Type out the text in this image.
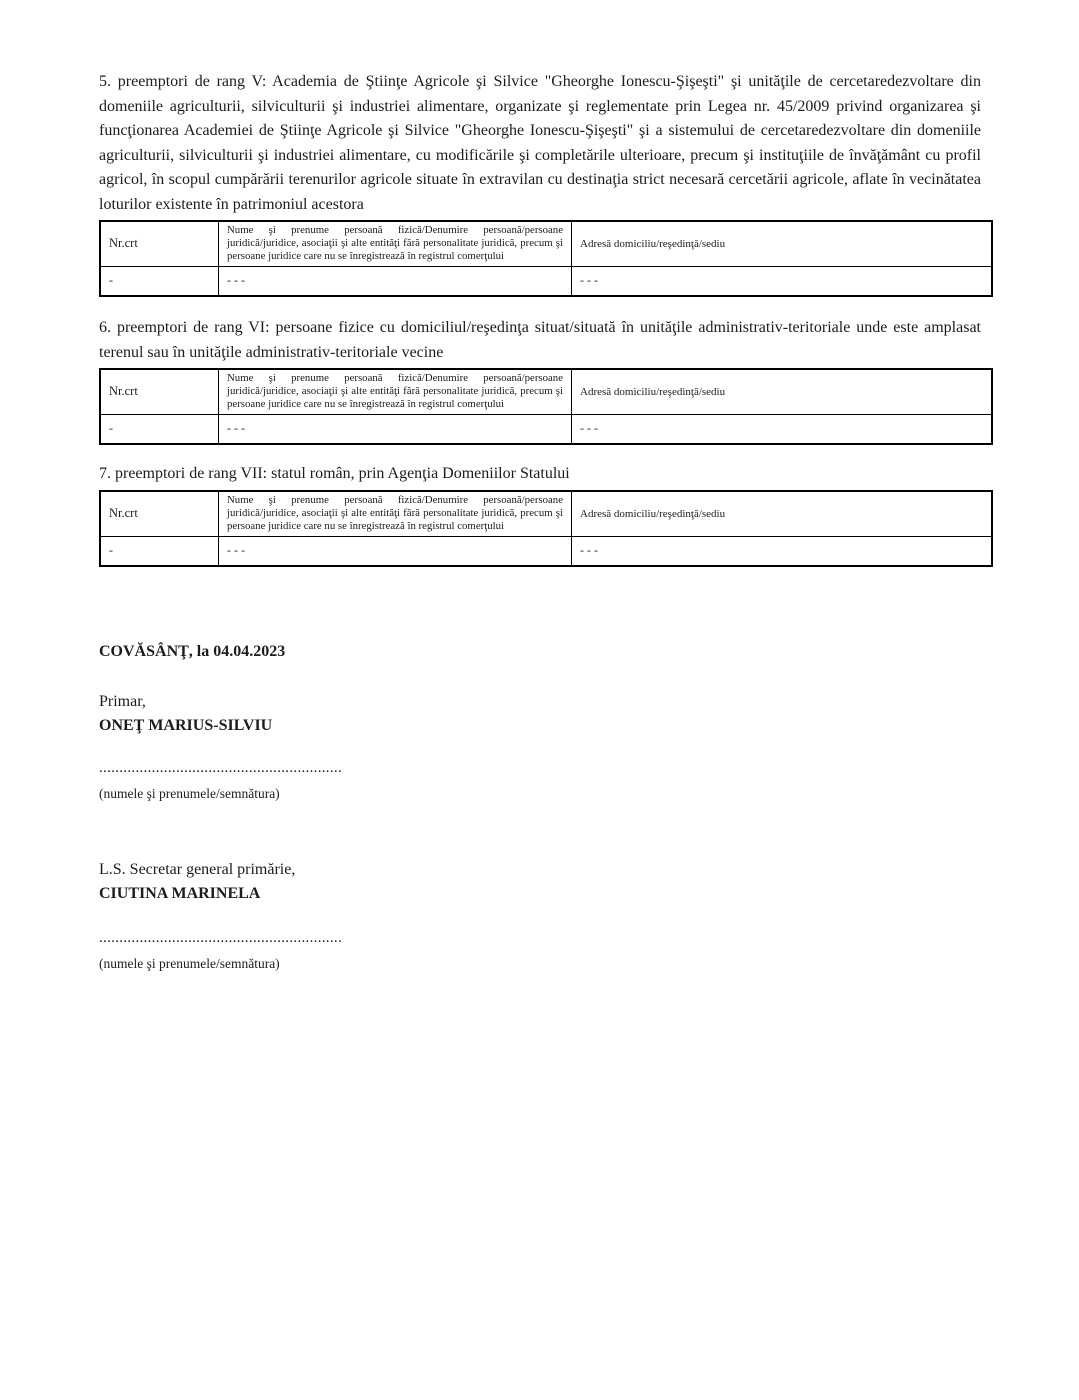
5. preemptori de rang V: Academia de Ştiinţe Agricole şi Silvice "Gheorghe Ionescu-Şişeşti" şi unităţile de cercetaredezvoltare din domeniile agriculturii, silviculturii şi industriei alimentare, organizate şi reglementate prin Legea nr. 45/2009 privind organizarea şi funcţionarea Academiei de Ştiinţe Agricole şi Silvice "Gheorghe Ionescu-Şişeşti" şi a sistemului de cercetaredezvoltare din domeniile agriculturii, silviculturii şi industriei alimentare, cu modificările şi completările ulterioare, precum şi instituţiile de învăţământ cu profil agricol, în scopul cumpărării terenurilor agricole situate în extravilan cu destinaţia strict necesară cercetării agricole, aflate în vecinătatea loturilor existente în patrimoniul acestora
Nr.crt	Nume şi prenume persoană fizică/Denumire persoană/persoane juridică/juridice, asociaţii şi alte entităţi fără personalitate juridică, precum şi persoane juridice care nu se înregistrează în registrul comerţului	Adresă domiciliu/reşedinţă/sediu
-	- - -	- - -
6. preemptori de rang VI: persoane fizice cu domiciliul/reşedinţa situat/situată în unităţile administrativ-teritoriale unde este amplasat terenul sau în unităţile administrativ-teritoriale vecine
Nr.crt	Nume şi prenume persoană fizică/Denumire persoană/persoane juridică/juridice, asociaţii şi alte entităţi fără personalitate juridică, precum şi persoane juridice care nu se înregistrează în registrul comerţului	Adresă domiciliu/reşedinţă/sediu
-	- - -	- - -
7. preemptori de rang VII: statul român, prin Agenţia Domeniilor Statului
Nr.crt	Nume şi prenume persoană fizică/Denumire persoană/persoane juridică/juridice, asociaţii şi alte entităţi fără personalitate juridică, precum şi persoane juridice care nu se înregistrează în registrul comerţului	Adresă domiciliu/reşedinţă/sediu
-	- - -	- - -
COVĂSÂNŢ, la 04.04.2023
Primar,
ONEŢ MARIUS-SILVIU
............................................................
(numele şi prenumele/semnătura)
L.S. Secretar general primărie,
CIUTINA MARINELA
............................................................
(numele şi prenumele/semnătura)
